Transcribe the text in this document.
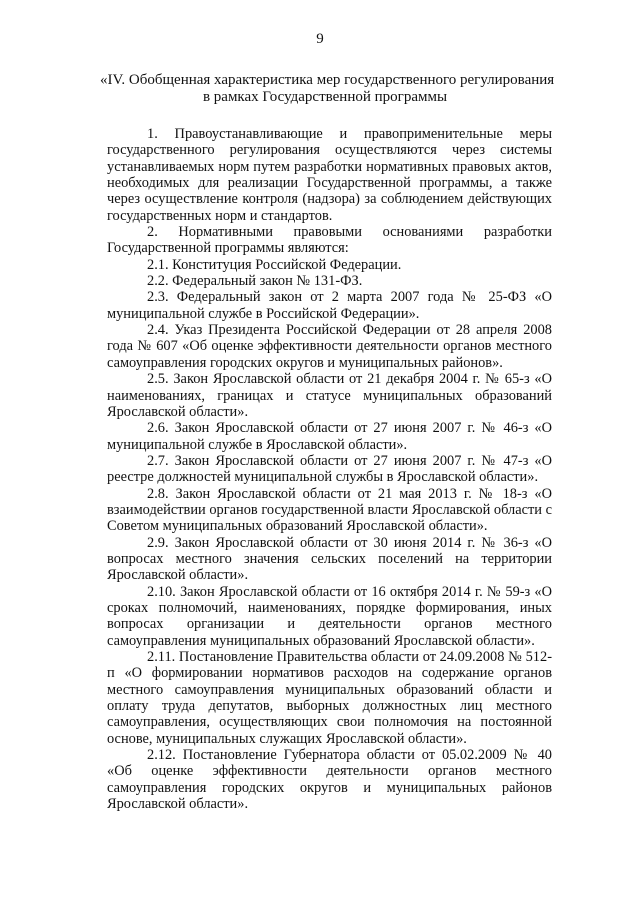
9
«IV. Обобщенная характеристика мер государственного регулирования
в рамках Государственной программы

1. Правоустанавливающие и правоприменительные меры государственного регулирования осуществляются через системы устанавливаемых норм путем разработки нормативных правовых актов, необходимых для реализации Государственной программы, а также через осуществление контроля (надзора) за соблюдением действующих государственных норм и стандартов.

2. Нормативными правовыми основаниями разработки Государственной программы являются:

2.1. Конституция Российской Федерации.

2.2. Федеральный закон № 131-ФЗ.

2.3. Федеральный закон от 2 марта 2007 года № 25-ФЗ «О муниципальной службе в Российской Федерации».

2.4. Указ Президента Российской Федерации от 28 апреля 2008 года № 607 «Об оценке эффективности деятельности органов местного самоуправления городских округов и муниципальных районов».

2.5. Закон Ярославской области от 21 декабря 2004 г. № 65-з «О наименованиях, границах и статусе муниципальных образований Ярославской области».

2.6. Закон Ярославской области от 27 июня 2007 г. № 46-з «О муниципальной службе в Ярославской области».

2.7. Закон Ярославской области от 27 июня 2007 г. № 47-з «О реестре должностей муниципальной службы в Ярославской области».

2.8. Закон Ярославской области от 21 мая 2013 г. № 18-з «О взаимодействии органов государственной власти Ярославской области с Советом муниципальных образований Ярославской области».

2.9. Закон Ярославской области от 30 июня 2014 г. № 36-з «О вопросах местного значения сельских поселений на территории Ярославской области».

2.10. Закон Ярославской области от 16 октября 2014 г. № 59-з «О сроках полномочий, наименованиях, порядке формирования, иных вопросах организации и деятельности органов местного самоуправления муниципальных образований Ярославской области».

2.11. Постановление Правительства области от 24.09.2008 № 512-п «О формировании нормативов расходов на содержание органов местного самоуправления муниципальных образований области и оплату труда депутатов, выборных должностных лиц местного самоуправления, осуществляющих свои полномочия на постоянной основе, муниципальных служащих Ярославской области».

2.12. Постановление Губернатора области от 05.02.2009 № 40 «Об оценке эффективности деятельности органов местного самоуправления городских округов и муниципальных районов Ярославской области».
